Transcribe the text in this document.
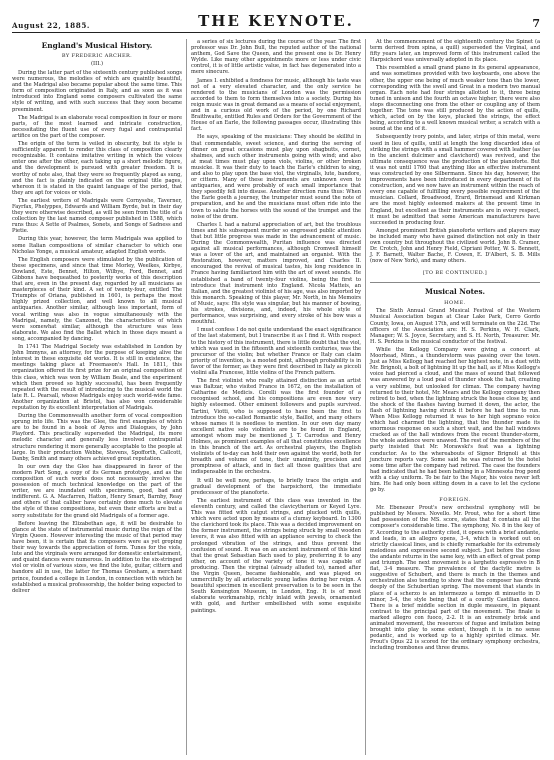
August 22, 1885.	THE KEYNOTE.	7
England's Musical History.
BY FREDERIC ARCHER.
(III.)

During the latter part of the sixteenth century published songs were numerous, the melodies of which are quaintly beautiful, and the Madrigal also became popular about the same time. This form of composition originated in Italy, and as soon as it was introduced into England some composers cultivated the same style of writing, and with such success that they soon became preeminent.

The Madrigal is an elaborate vocal composition in four or more parts, of the most learned and intricate construction, necessitating the fluent use of every fugal and contrapuntal artifice on the part of the composer.

The origin of the term is veiled in obscurity, but its style is sufficiently apparent to render this class of composition clearly recognizable. It contains imitative writing in which the voices enter one after the other, each taking up a short melodic figure, and the development is pursued with greater freedom. It is worthy of note also, that they were so frequently played as sung, and the fact is plainly indicated on the original title pages, whereon it is stated in the quaint language of the period, that they are apt for voices or viols.

The earliest writers of Madrigals were Cornysshe, Taverner, Fayrfax, Phelyppes, Edwards and William Byrde, but in their day they were otherwise described, as will be seen from the title of a collection by the last named composer published in 1588, which runs thus: A Sette of Psalmes, Sonets, and Songs of Sadness and Pietie.

During this year, however, the term Madrigals was applied to some Italian compositions of similar character to which one Nicholas Yonge, a musical amateur, adapted English words.

The English composers were stimulated by the publication of these specimens, and since that time Morley, Weelkes, Kirbye, Dowland, Este, Bennet, Hilton, Wilbye, Ford, Bennet, and Gibbons have bequeathed to posterity works of this description that are, even in the present day, regarded by all musicians as masterpieces of their kind. A set of twenty-four, entitled The Triumphs of Oriana, published in 1601, is perhaps the most highly prized collection, and well known to all musical antiquaries. Another similar, although less important, form of vocal writing was also in vogue simultaneously with the Madrigal, namely, the Canzonet, the characteristics of which were somewhat similar, although the structure was less elaborate. We also find the Ballet which in those days meant a song, accompanied by dancing.

In 1741 The Madrigal Society was established in London by John Immyns, an attorney, for the purpose of keeping alive the interest in these exquisite old works. It is still in existence, the meetings taking place at Freemason's Hall. In 1811, this organization offered its first prize for an original composition of this class, which was won by William Beale, and the experiment which then proved so highly successful, has been frequently repeated with the result of introducing to the musical world the late R. L. Pearsall, whose Madrigals enjoy such world-wide fame. Another organization at Bristol, has also won considerable reputation by its excellent interpretation of Madrigals.

During the Commonwealth another form of vocal composition sprung into life. This was the Glee, the first examples of which are to be found in a book of Ayres and Dialogues, by John Playford. This practically superseded the Madrigal, its more melodic character and generally less involved contrapuntal structure rendering it more generally acceptable to the people at large. In their production Webbe, Stevens, Spofforth, Callcott, Danby, Smith and many others achieved great reputation.

In our own day the Glee has disappeared in favor of the modern Part Song, a copy of its German prototype, and as the composition of such works does not necessarily involve the possession of much technical knowledge on the part of the writer, we are inundated with specimens, good, bad and indifferent. G. A. Macfarren, Hatton, Henry Smart, Barnby, Reay and others of that caliber have certainly done much to elevate the style of these compositions, but even their efforts are but a sorry substitute for the grand old Madrigals of a former age.

Before leaving the Elizabethan age, it will be desirable to glance at the state of instrumental music during the reign of the Virgin Queen. However interesting the music of that period may have been, it is certain that its composers were as yet groping their way towards the appreciation of form. Tunes for the viols, lute and the virginals were arranged for domestic entertainment, and quaint dances were numerous. In addition to the six-stringed viol or violin of various sizes, we find the lute, guitar, cittern and bandore all in use, the latter for Thomas Gresham, a merchant prince, founded a college in London, in connection with which he established a musical professorship, the holder being expected to deliver

a series of six lectures during the course of the year. The first professor was Dr. John Bull, the reputed author of the national anthem, God Save the Queen, and the present one is Dr. Henry Wylde. Like many other appointments more or less under civic control, it is of little artistic value, in fact has degenerated into a mere sinecure.

James I. exhibited a fondness for music, although his taste was not of a very elevated character, and the only service he rendered to the musicians of London was the permission accorded to them to form themselves into a society. During his reign music was in great demand as a means of social enjoyment, and in a curious old work of the period, by one Richard Braithwaite, entitled Rules and Orders for the Government of the House of an Earle, the following passages occur, illustrating this fact.

He says, speaking of the musicians: They should be skillful in that commendable, sweet science, and during the serving of dinner on great occasions must play upon shagbutts, cornet, shalmes, and such other instruments going with wind; and also at meat times must play upon viols, violins, or other broken musicke. It was their duty to teach the Earle's children to sing, and also to play upon the base viol, the virginalls, lute, bandore, or cittern. Many of these instruments are unknown even to antiquaries, and were probably of such small importance that they speedily fell into disuse. Another direction runs thus: When the Earle goeth a journey, the trumpeter must sound the note of preparation, and he and the musicians must often ride into the town to salute the horses with the sound of the trumpet and the noise of the drum.

Charles I. had a natural appreciation of art, but the troublous times and his subsequent murder so engrossed public attention that but little progress was made in the advancement of music. During the Commonwealth, Puritan influence was directed against all musical performances, although Cromwell himself was a lover of the art, and maintained an organist. With the Restoration, however, matters improved, and Charles II. encouraged the revival of musical tastes, his long residence in France having familiarized him with the art of sweet sounds. He established a band of twenty-four violins, being the first to introduce that instrument into England. Nicola Matteis, an Italian, and the greatest violinist of his age, was also imported by this monarch. Speaking of this player, Mr. North, in his Memoirs of Music, says: His style was singular, but his manner of bowing, his strokes, divisions, and, indeed, his whole style of performance, was surprising, and every stroke of his bow was a mouthful.

I must confess I do not quite understand the exact significance of the last statement, but I transcribe it as I find it. With respect to the history of this instrument, there is little doubt that the viol, which was used in the fifteenth and sixteenth centuries, was the precursor of the violin; but whether France or Italy can claim priority of invention, is a mooted point, although probability is in favor of the former, as they were first described in Italy as piccoli violini alla Francese, little violins of the French pattern.

The first violinist who really attained distinction as an artist was Baltzar, who visited France in 1672, on the installation of Catharine de Medicis. Corelli was the first founder of a recognised school, and his compositions are even now very highly esteemed. Other eminent followers and pupils survived. Tartini, Viotti, who is supposed to have been the first to introduce the so-called Romantic style, Baillot, and many others whose names it is needless to mention. In our own day many excellent native solo violinists are to be found in England, amongst whom may be mentioned J. T. Carrodus and Henry Holmes, as prominent examples of all that constitutes excellence in this branch of the art. As orchestral players, the English violinists of to-day can hold their own against the world, both for breadth and volume of tone, their unanimity, precision and promptness of attack, and in fact all those qualities that are indispensable in the orchestra.

It will be well now, perhaps, to briefly trace the origin and gradual development of the harpsichord, the immediate predecessor of the pianoforte.

The earliest instrument of this class was invented in the eleventh century, and called the clavicytherium or Keyed Lyre. This was fitted with catgut strings, and plucked with quills, which were acted upon by means of a clumsy keyboard. In 1300 the clavichord took its place. This was a decided improvement on the former instrument, the strings being struck by small wooden levers, it was also fitted with an appliance serving to check the prolonged vibration of the strings, and thus prevent the confusion of sound. It was on an ancient instrument of this kind that the great Sebastian Bach used to play, preferring it to any other, on account of the variety of tone it was capable of producing. Then the virginal (already alluded to), named after the Virgin Queen, became fashionable, and was played on unmercifully by all aristocratic young ladies during her reign. A beautiful specimen in excellent preservation is to be seen in the South Kensington Museum, in London, Eng. It is of most elaborate workmanship, richly inlaid with jewels, ornamented with gold, and further embellished with some exquisite paintings.

At the commencement of the eighteenth century the Spinet (a term derived from spina, a quill) superseded the Virginal, and fifty years later, an improved form of this instrument called the Harpsichord was universally adopted in its place.

This resembled a small grand piano in its general appearance, and was sometimes provided with two keyboards, one above the other, the upper one being of much weaker tone than the lower, corresponding with the swell and Great in a modern two manual organ. Each note had four strings allotted to it, three being tuned in unison and the fourth an octave higher; there were also stops disconnecting one from the other or coupling any of them together. The tone was still produced by the action of quills, which, acted on by the keys, plucked the strings, the effect being, according to a well known musical writer, a scratch with a sound at the end of it.

Subsequently ivory points, and later, strips of thin metal, were used in lieu of quills, until at length the long discarded idea of striking the strings with a small hammer covered with leather (as in the ancient dulcimer and clavichord) was revived, and the ultimate consequence was the production of the pianoforte. But it was not until 1760 that anything like an effective instrument was constructed by one Silbermann. Since his day, however, the improvements have been introduced in every department of its construction, and we now have an instrument within the reach of every one capable of fulfilling every possible requirement of the musician. Collard, Broadwood, Erard, Brinsmead and Kirkman are the most highly esteemed makers at the present time in England, but excellent as their instruments are in every respect, it must be admitted that some American manufacturers have succeeded in producing four.

Amongst prominent British pianoforte writers and players may be included many who have gained distinction not only in their own country but throughout the civilized world. John B. Cramer, Dr. Crotch, John and Henry Field, Cipriani Potter, W. S. Bennett, J. F. Barnett, Walter Bache, F. Cowen, E. D'Albert, S. B. Mills (now of New York), and many others.

[TO BE CONTINUED.]
Musical Notes.
HOME.

The Sixth Annual Grand Musical Festival of the Western Musical Association began at Clear Lake Park, Cerro Gordo County, Iowa, on August 17th, and will terminate on the 22d. The officers of the Association are: H. S. Perkins, W. H. Clark, Manager; W. S. Joyce, Secretary, and S. H. North, Treasurer. Mr. H. S. Perkins is the musical conductor of the festival.

While the Kellogg Company were giving a concert at Moorhead, Minn., a thunderstorm was passing over the town. Just as Miss Kellogg had reached her highest note, in a duet with Mr. Brignoli, a bolt of lightning lit up the hall, as if Miss Kellogg's voice had pierced a cloud, and the mass of sound that followed was answered by a loud peal of thunder shook the hall, creating a very sublime, but unlooked for climax. The company having returned to their hotel, Mr. Mears and the Kellogg company then retired to bed, when the lightning struck the house close by, and the shock of the flashes having burned it down, the actor, the flash of lightning having struck it before he had time to run. When Miss Kellogg returned it was to her high soprano voice which had charmed the lightning, that the thunder made its enormous response on such a short wait, and the hall windows cracked as of the hall windows from the recent thunder-storm, the whole audience were unawed. The rest of the members of the party insisted that Mr. Morawski's feat was a lightning conductor. As to the whereabouts of Signor Brignoli at this juncture reports vary. Some said he was returned to the hotel some time after the company had retired. The case the founders had indicated that he had been bathing in a Minnesota frog pond with a clay uniform. To be fair to the Major, his voice never left him. He had only been sitting down in a cave to let the cyclone go by.

FOREIGN.

Mr. Ebenezer Prout's new orchestral symphony will be published by Messrs. Novello. Mr. Prout, who for a short time had possession of the MS. score, states that it contains all the composer's considerable time. The symphony, No. 8 in the key of F. According to the authority cited, it opens with a brief andante, and leads, in an allegro opens, 3-4, which is worked out on strictly classical lines, and is chiefly remarkable for its extremely melodious and expressive second subject. Just before the close the andante returns in the same key, with an effect of great pomp and triumph. The next movement is a larghetto espressivo in B flat, 3-4 measure. The prevalence of the dactylic metre is suggestive of Schubert, and there is much in the themes and orchestration also tending to show that the composer has drunk deeply of the Schubertian spring. The movement that stands in place of a scherzo is an intermezzo a tempo di minuetto in D minor, 3-4, the style being that of a courtly Castilian dance. There is a brief middle section in duple measure, in piquant contrast to the principal part of the movement. The finale is marked allegro con fuoco, 2-2. It is an extremely brisk and animated movement, the resources of fugue and imitation being brought into play to some extent, though it is in no sense pedantic, and is worked up to a highly spirited climax. Mr. Prout's Opus 22 is scored for the ordinary symphony orchestra, including trombones and three drums.
